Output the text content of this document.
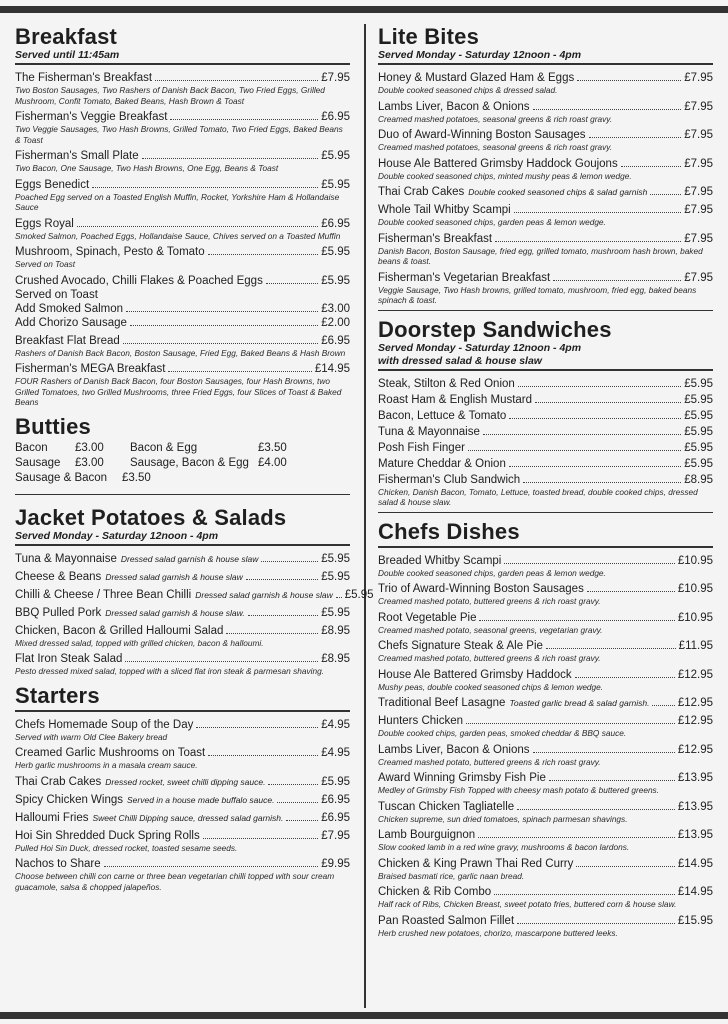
Breakfast
Served until 11:45am
The Fisherman's Breakfast	£7.95
Two Boston Sausages, Two Rashers of Danish Back Bacon, Two Fried Eggs, Grilled Mushroom, Confit Tomato, Baked Beans, Hash Brown & Toast
Fisherman's Veggie Breakfast	£6.95
Two Veggie Sausages, Two Hash Browns, Grilled Tomato, Two Fried Eggs, Baked Beans & Toast
Fisherman's Small Plate	£5.95
Two Bacon, One Sausage, Two Hash Browns, One Egg, Beans & Toast
Eggs Benedict	£5.95
Poached Egg served on a Toasted English Muffin, Rocket, Yorkshire Ham & Hollandaise Sauce
Eggs Royal	£6.95
Smoked Salmon, Poached Eggs, Hollandaise Sauce, Chives served on a Toasted Muffin
Mushroom, Spinach, Pesto & Tomato	£5.95
Served on Toast
Crushed Avocado, Chilli Flakes & Poached Eggs	£5.95
Served on Toast
Add Smoked Salmon	£3.00
Add Chorizo Sausage	£2.00
Breakfast Flat Bread	£6.95
Rashers of Danish Back Bacon, Boston Sausage, Fried Egg, Baked Beans & Hash Brown
Fisherman's MEGA Breakfast	£14.95
FOUR Rashers of Danish Back Bacon, four Boston Sausages, four Hash Browns, two Grilled Tomatoes, two Grilled Mushrooms, three Fried Eggs, four Slices of Toast & Baked Beans
Butties
Bacon	£3.00	Bacon & Egg	£3.50
Sausage	£3.00	Sausage, Bacon & Egg £4.00
Sausage & Bacon	£3.50
Jacket Potatoes & Salads
Served Monday - Saturday 12noon - 4pm
Tuna & Mayonnaise Dressed salad garnish & house slaw	£5.95
Cheese & Beans Dressed salad garnish & house slaw	£5.95
Chilli & Cheese / Three Bean Chilli Dressed salad garnish & house slaw £5.95
BBQ Pulled Pork Dressed salad garnish & house slaw.	£5.95
Chicken, Bacon & Grilled Halloumi Salad	£8.95
Mixed dressed salad, topped with grilled chicken, bacon & halloumi.
Flat Iron Steak Salad	£8.95
Pesto dressed mixed salad, topped with a sliced flat iron steak & parmesan shaving.
Starters
Chefs Homemade Soup of the Day	£4.95
Served with warm Old Clee Bakery bread
Creamed Garlic Mushrooms on Toast	£4.95
Herb garlic mushrooms in a masala cream sauce.
Thai Crab Cakes Dressed rocket, sweet chilli dipping sauce.	£5.95
Spicy Chicken Wings Served in a house made buffalo sauce.	£6.95
Halloumi Fries Sweet Chilli Dipping sauce, dressed salad garnish.	£6.95
Hoi Sin Shredded Duck Spring Rolls	£7.95
Pulled Hoi Sin Duck, dressed rocket, toasted sesame seeds.
Nachos to Share	£9.95
Choose between chilli con carne or three bean vegetarian chilli topped with sour cream guacamole, salsa & chopped jalapeños.
Lite Bites
Served Monday - Saturday 12noon - 4pm
Honey & Mustard Glazed Ham & Eggs	£7.95
Double cooked seasoned chips & dressed salad.
Lambs Liver, Bacon & Onions	£7.95
Creamed mashed potatoes, seasonal greens & rich roast gravy.
Duo of Award-Winning Boston Sausages	£7.95
Creamed mashed potatoes, seasonal greens & rich roast gravy.
House Ale Battered Grimsby Haddock Goujons	£7.95
Double cooked seasoned chips, minted mushy peas & lemon wedge.
Thai Crab Cakes Double cooked seasoned chips & salad garnish	£7.95
Whole Tail Whitby Scampi	£7.95
Double cooked seasoned chips, garden peas & lemon wedge.
Fisherman's Breakfast	£7.95
Danish Bacon, Boston Sausage, fried egg, grilled tomato, mushroom hash brown, baked beans & toast.
Fisherman's Vegetarian Breakfast	£7.95
Veggie Sausage, Two Hash browns, grilled tomato, mushroom, fried egg, baked beans spinach & toast.
Doorstep Sandwiches
Served Monday - Saturday 12noon - 4pm
with dressed salad & house slaw
Steak, Stilton & Red Onion	£5.95
Roast Ham & English Mustard	£5.95
Bacon, Lettuce & Tomato	£5.95
Tuna & Mayonnaise	£5.95
Posh Fish Finger	£5.95
Mature Cheddar & Onion	£5.95
Fisherman's Club Sandwich	£8.95
Chicken, Danish Bacon, Tomato, Lettuce, toasted bread, double cooked chips, dressed salad & house slaw.
Chefs Dishes
Breaded Whitby Scampi	£10.95
Double cooked seasoned chips, garden peas & lemon wedge.
Trio of Award-Winning Boston Sausages	£10.95
Creamed mashed potato, buttered greens & rich roast gravy.
Root Vegetable Pie	£10.95
Creamed mashed potato, seasonal greens, vegetarian gravy.
Chefs Signature Steak & Ale Pie	£11.95
Creamed mashed potato, buttered greens & rich roast gravy.
House Ale Battered Grimsby Haddock	£12.95
Mushy peas, double cooked seasoned chips & lemon wedge.
Traditional Beef Lasagne Toasted garlic bread & salad garnish. £12.95
Hunters Chicken	£12.95
Double cooked chips, garden peas, smoked cheddar & BBQ sauce.
Lambs Liver, Bacon & Onions	£12.95
Creamed mashed potato, buttered greens & rich roast gravy.
Award Winning Grimsby Fish Pie	£13.95
Medley of Grimsby Fish Topped with cheesy mash potato & buttered greens.
Tuscan Chicken Tagliatelle	£13.95
Chicken supreme, sun dried tomatoes, spinach parmesan shavings.
Lamb Bourguignon	£13.95
Slow cooked lamb in a red wine gravy, mushrooms & bacon lardons.
Chicken & King Prawn Thai Red Curry	£14.95
Braised basmati rice, garlic naan bread.
Chicken & Rib Combo	£14.95
Half rack of Ribs, Chicken Breast, sweet potato fries, buttered corn & house slaw.
Pan Roasted Salmon Fillet	£15.95
Herb crushed new potatoes, chorizo, mascarpone buttered leeks.
